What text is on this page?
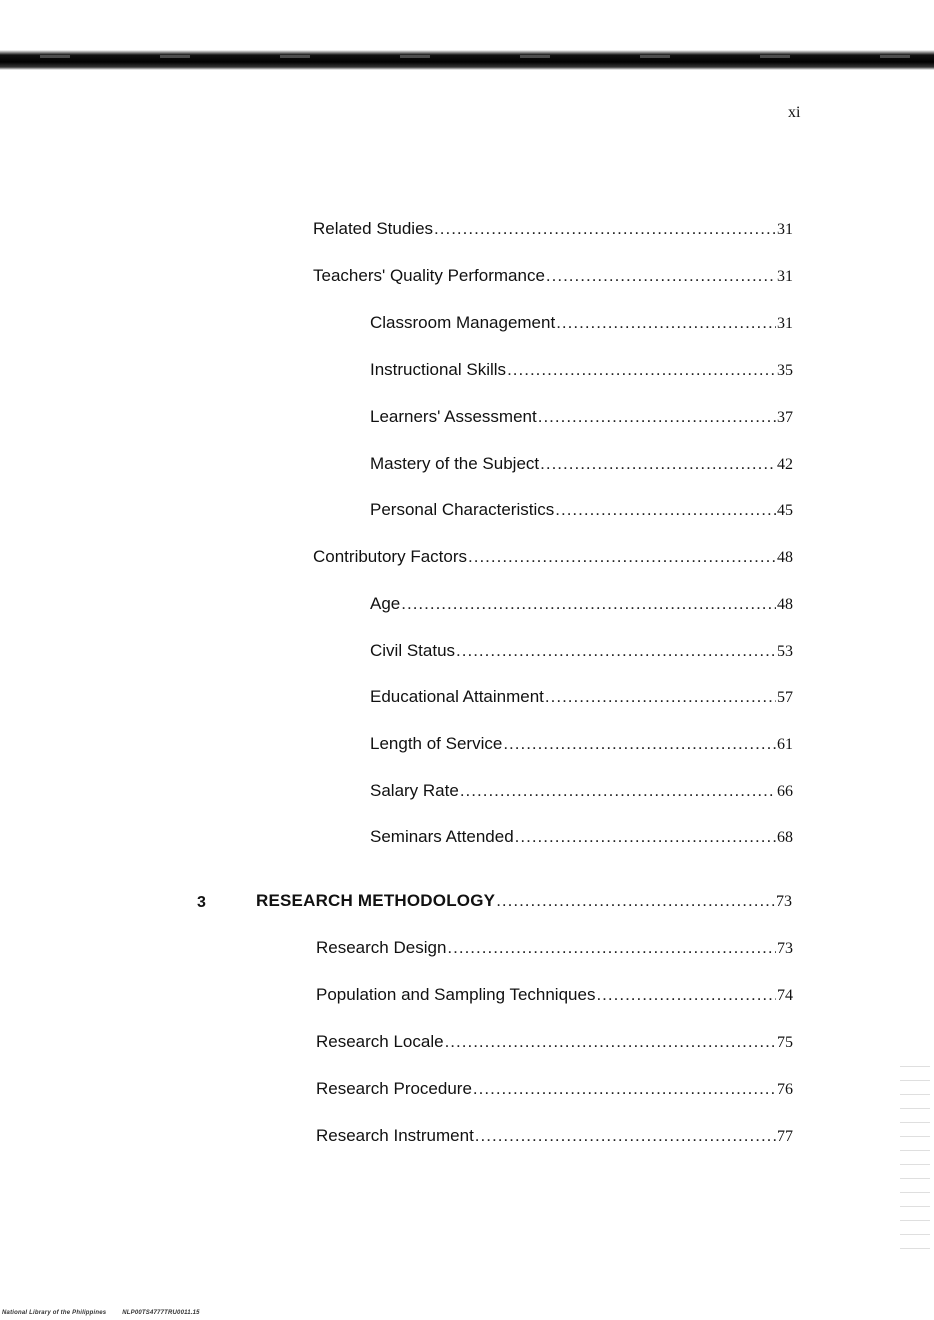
xi
Related Studies .....	31
Teachers' Quality Performance .....	31
Classroom Management .....	31
Instructional Skills .....	35
Learners' Assessment .....	37
Mastery of the Subject .....	42
Personal Characteristics .....	45
Contributory Factors .....	48
Age .....	48
Civil Status .....	53
Educational Attainment .....	57
Length of Service .....	61
Salary Rate .....	66
Seminars Attended .....	68
3	RESEARCH METHODOLOGY .....	73
Research Design .....	73
Population and Sampling Techniques .....	74
Research Locale .....	75
Research Procedure .....	76
Research Instrument .....	77
National Library of the Philippines	NLP00TS4777TRU0011.15
